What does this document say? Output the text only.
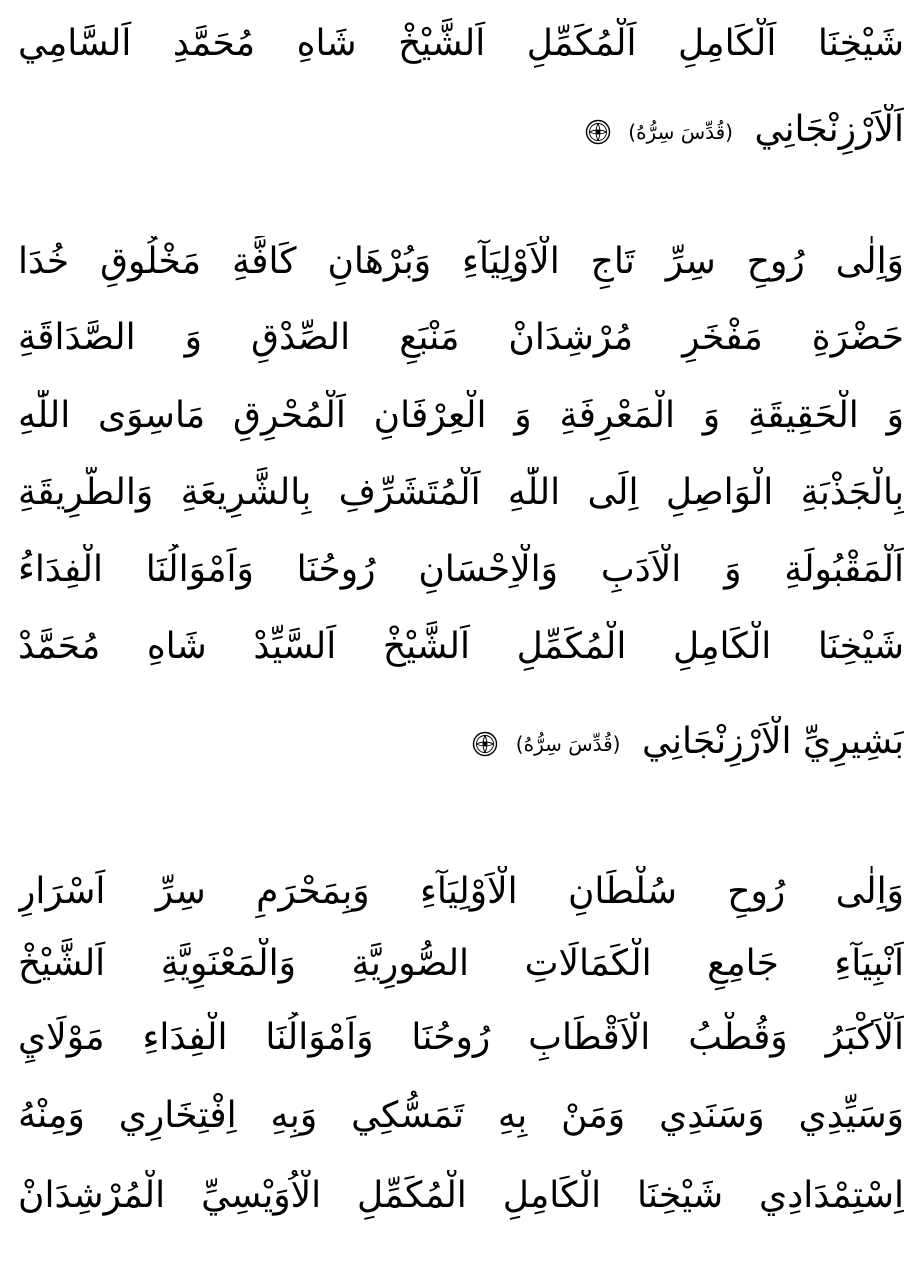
شَيْخِنَا اَلْكَامِلِ اَلْمُكَمِّلِ اَلشَّيْخْ شَاهِ مُحَمَّدِ اَلسَّامِي
اَلْاَرْزِنْجَانِي (قُدِّسَ سِرُّهُ)
وَاِلٰى رُوحِ سِرِّ تَاجِ الْاَوْلِيَآءِ وَبُرْهَانِ كَافَّةِ مَخْلُوقِ خُدَا
حَضْرَةِ مَفْخَرِ مُرْشِدَانْ مَنْبَعِ الصِّدْقِ وَ الصَّدَاقَةِ
وَ الْحَقِيقَةِ وَ الْمَعْرِفَةِ وَ الْعِرْفَانِ اَلْمُحْرِقِ مَاسِوَى اللّٰهِ
بِالْجَذْبَةِ الْوَاصِلِ اِلَى اللّٰهِ اَلْمُتَشَرِّفِ بِالشَّرِيعَةِ وَالطَّرِيقَةِ
اَلْمَقْبُولَةِ وَ الْاَدَبِ وَالْاِحْسَانِ رُوحُنَا وَاَمْوَالُنَا الْفِدَاءُ
شَيْخِنَا الْكَامِلِ الْمُكَمِّلِ اَلشَّيْخْ اَلسَّيِّدْ شَاهِ مُحَمَّدْ
بَشِيرِيِّ الْاَرْزِنْجَانِي (قُدِّسَ سِرُّهُ)
وَاِلٰى رُوحِ سُلْطَانِ الْاَوْلِيَآءِ وَبِمَحْرَمِ سِرِّ اَسْرَارِ
اَنْبِيَآءِ جَامِعِ الْكَمَالَاتِ الصُّورِيَّةِ وَالْمَعْنَوِيَّةِ اَلشَّيْخْ
اَلْاَكْبَرُ وَقُطْبُ الْاَقْطَابِ رُوحُنَا وَاَمْوَالُنَا الْفِدَاءِ مَوْلَايِ
وَسَيِّدِي وَسَنَدِي وَمَنْ بِهِ تَمَسُّكِي وَبِهِ اِفْتِخَارِي وَمِنْهُ
اِسْتِمْدَادِي شَيْخِنَا الْكَامِلِ الْمُكَمِّلِ الْاُوَيْسِيِّ الْمُرْشِدَانْ
